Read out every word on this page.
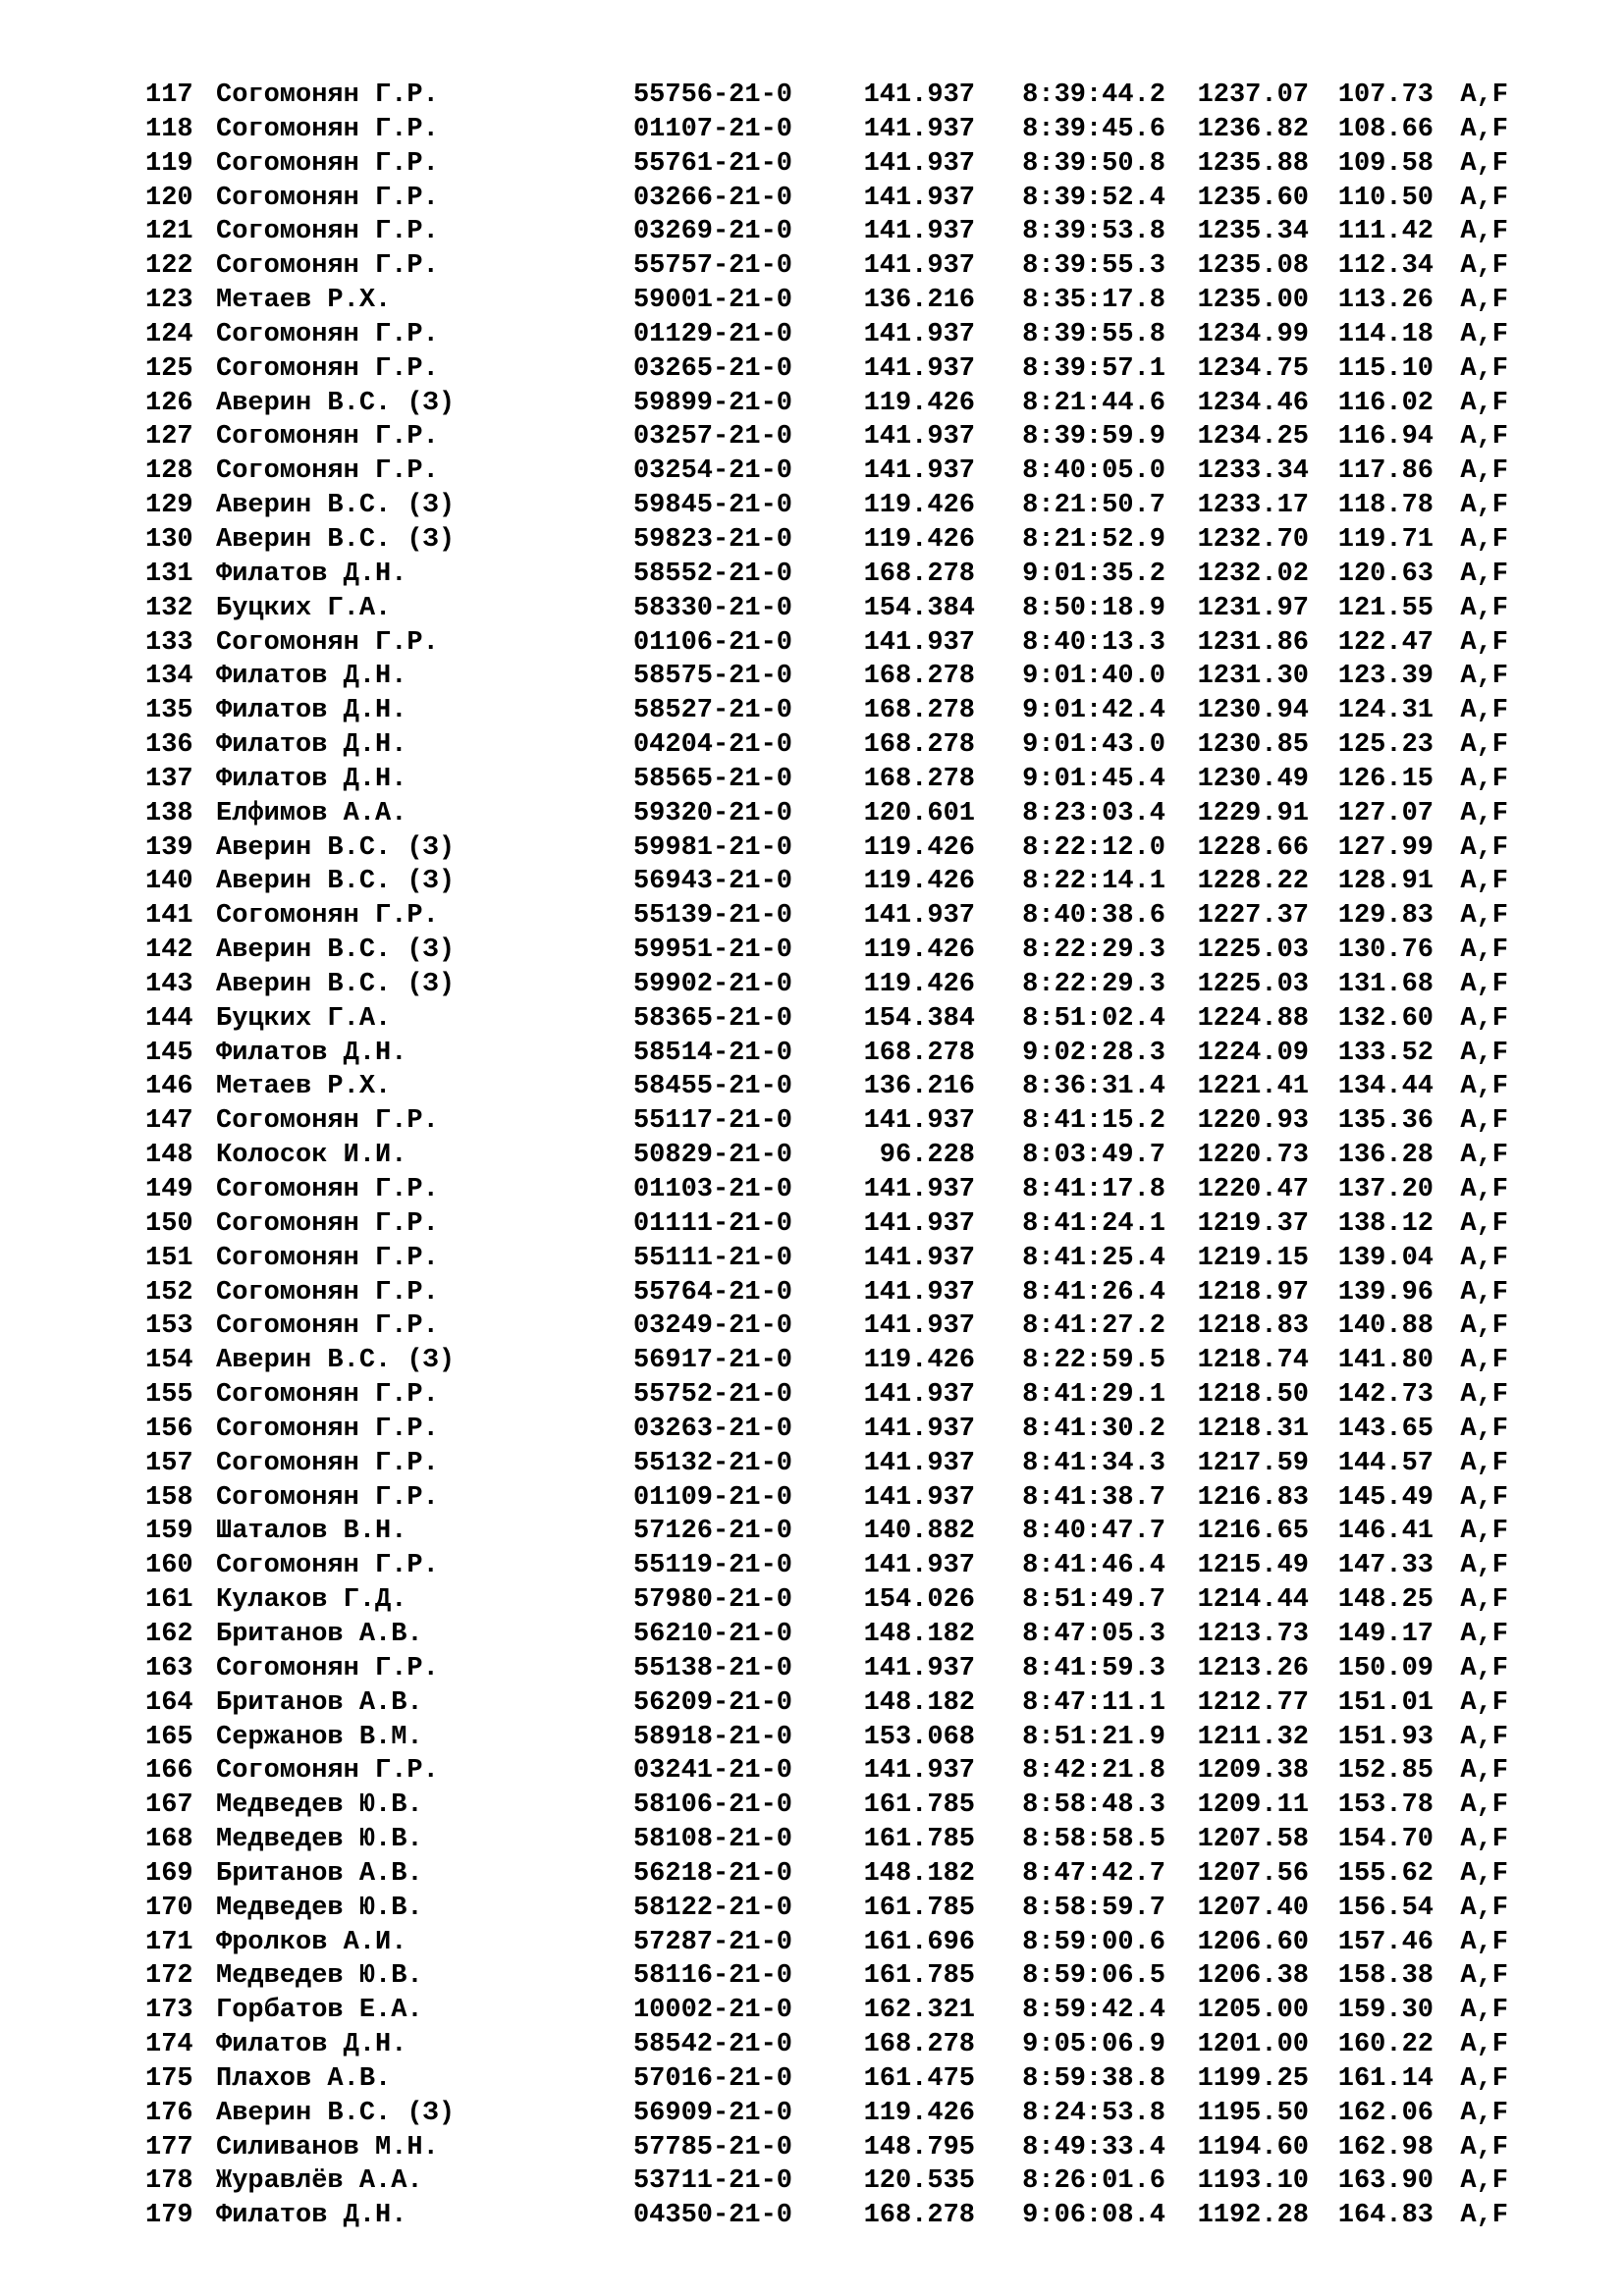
117 Согомонян Г.Р.	55756-21-0	141.937	8:39:44.2	1237.07	107.73	A,F
118 Согомонян Г.Р.	01107-21-0	141.937	8:39:45.6	1236.82	108.66	A,F
119 Согомонян Г.Р.	55761-21-0	141.937	8:39:50.8	1235.88	109.58	A,F
120 Согомонян Г.Р.	03266-21-0	141.937	8:39:52.4	1235.60	110.50	A,F
121 Согомонян Г.Р.	03269-21-0	141.937	8:39:53.8	1235.34	111.42	A,F
122 Согомонян Г.Р.	55757-21-0	141.937	8:39:55.3	1235.08	112.34	A,F
123 Метаев Р.Х.	59001-21-0	136.216	8:35:17.8	1235.00	113.26	A,F
124 Согомонян Г.Р.	01129-21-0	141.937	8:39:55.8	1234.99	114.18	A,F
125 Согомонян Г.Р.	03265-21-0	141.937	8:39:57.1	1234.75	115.10	A,F
126 Аверин В.С. (З)	59899-21-0	119.426	8:21:44.6	1234.46	116.02	A,F
127 Согомонян Г.Р.	03257-21-0	141.937	8:39:59.9	1234.25	116.94	A,F
128 Согомонян Г.Р.	03254-21-0	141.937	8:40:05.0	1233.34	117.86	A,F
129 Аверин В.С. (З)	59845-21-0	119.426	8:21:50.7	1233.17	118.78	A,F
130 Аверин В.С. (З)	59823-21-0	119.426	8:21:52.9	1232.70	119.71	A,F
131 Филатов Д.Н.	58552-21-0	168.278	9:01:35.2	1232.02	120.63	A,F
132 Буцких Г.А.	58330-21-0	154.384	8:50:18.9	1231.97	121.55	A,F
133 Согомонян Г.Р.	01106-21-0	141.937	8:40:13.3	1231.86	122.47	A,F
134 Филатов Д.Н.	58575-21-0	168.278	9:01:40.0	1231.30	123.39	A,F
135 Филатов Д.Н.	58527-21-0	168.278	9:01:42.4	1230.94	124.31	A,F
136 Филатов Д.Н.	04204-21-0	168.278	9:01:43.0	1230.85	125.23	A,F
137 Филатов Д.Н.	58565-21-0	168.278	9:01:45.4	1230.49	126.15	A,F
138 Елфимов А.А.	59320-21-0	120.601	8:23:03.4	1229.91	127.07	A,F
139 Аверин В.С. (З)	59981-21-0	119.426	8:22:12.0	1228.66	127.99	A,F
140 Аверин В.С. (З)	56943-21-0	119.426	8:22:14.1	1228.22	128.91	A,F
141 Согомонян Г.Р.	55139-21-0	141.937	8:40:38.6	1227.37	129.83	A,F
142 Аверин В.С. (З)	59951-21-0	119.426	8:22:29.3	1225.03	130.76	A,F
143 Аверин В.С. (З)	59902-21-0	119.426	8:22:29.3	1225.03	131.68	A,F
144 Буцких Г.А.	58365-21-0	154.384	8:51:02.4	1224.88	132.60	A,F
145 Филатов Д.Н.	58514-21-0	168.278	9:02:28.3	1224.09	133.52	A,F
146 Метаев Р.Х.	58455-21-0	136.216	8:36:31.4	1221.41	134.44	A,F
147 Согомонян Г.Р.	55117-21-0	141.937	8:41:15.2	1220.93	135.36	A,F
148 Колосок И.И.	50829-21-0	96.228	8:03:49.7	1220.73	136.28	A,F
149 Согомонян Г.Р.	01103-21-0	141.937	8:41:17.8	1220.47	137.20	A,F
150 Согомонян Г.Р.	01111-21-0	141.937	8:41:24.1	1219.37	138.12	A,F
151 Согомонян Г.Р.	55111-21-0	141.937	8:41:25.4	1219.15	139.04	A,F
152 Согомонян Г.Р.	55764-21-0	141.937	8:41:26.4	1218.97	139.96	A,F
153 Согомонян Г.Р.	03249-21-0	141.937	8:41:27.2	1218.83	140.88	A,F
154 Аверин В.С. (З)	56917-21-0	119.426	8:22:59.5	1218.74	141.80	A,F
155 Согомонян Г.Р.	55752-21-0	141.937	8:41:29.1	1218.50	142.73	A,F
156 Согомонян Г.Р.	03263-21-0	141.937	8:41:30.2	1218.31	143.65	A,F
157 Согомонян Г.Р.	55132-21-0	141.937	8:41:34.3	1217.59	144.57	A,F
158 Согомонян Г.Р.	01109-21-0	141.937	8:41:38.7	1216.83	145.49	A,F
159 Шаталов В.Н.	57126-21-0	140.882	8:40:47.7	1216.65	146.41	A,F
160 Согомонян Г.Р.	55119-21-0	141.937	8:41:46.4	1215.49	147.33	A,F
161 Кулаков Г.Д.	57980-21-0	154.026	8:51:49.7	1214.44	148.25	A,F
162 Британов А.В.	56210-21-0	148.182	8:47:05.3	1213.73	149.17	A,F
163 Согомонян Г.Р.	55138-21-0	141.937	8:41:59.3	1213.26	150.09	A,F
164 Британов А.В.	56209-21-0	148.182	8:47:11.1	1212.77	151.01	A,F
165 Сержанов В.М.	58918-21-0	153.068	8:51:21.9	1211.32	151.93	A,F
166 Согомонян Г.Р.	03241-21-0	141.937	8:42:21.8	1209.38	152.85	A,F
167 Медведев Ю.В.	58106-21-0	161.785	8:58:48.3	1209.11	153.78	A,F
168 Медведев Ю.В.	58108-21-0	161.785	8:58:58.5	1207.58	154.70	A,F
169 Британов А.В.	56218-21-0	148.182	8:47:42.7	1207.56	155.62	A,F
170 Медведев Ю.В.	58122-21-0	161.785	8:58:59.7	1207.40	156.54	A,F
171 Фролков А.И.	57287-21-0	161.696	8:59:00.6	1206.60	157.46	A,F
172 Медведев Ю.В.	58116-21-0	161.785	8:59:06.5	1206.38	158.38	A,F
173 Горбатов Е.А.	10002-21-0	162.321	8:59:42.4	1205.00	159.30	A,F
174 Филатов Д.Н.	58542-21-0	168.278	9:05:06.9	1201.00	160.22	A,F
175 Плахов А.В.	57016-21-0	161.475	8:59:38.8	1199.25	161.14	A,F
176 Аверин В.С. (З)	56909-21-0	119.426	8:24:53.8	1195.50	162.06	A,F
177 Силиванов М.Н.	57785-21-0	148.795	8:49:33.4	1194.60	162.98	A,F
178 Журавлёв А.А.	53711-21-0	120.535	8:26:01.6	1193.10	163.90	A,F
179 Филатов Д.Н.	04350-21-0	168.278	9:06:08.4	1192.28	164.83	A,F
